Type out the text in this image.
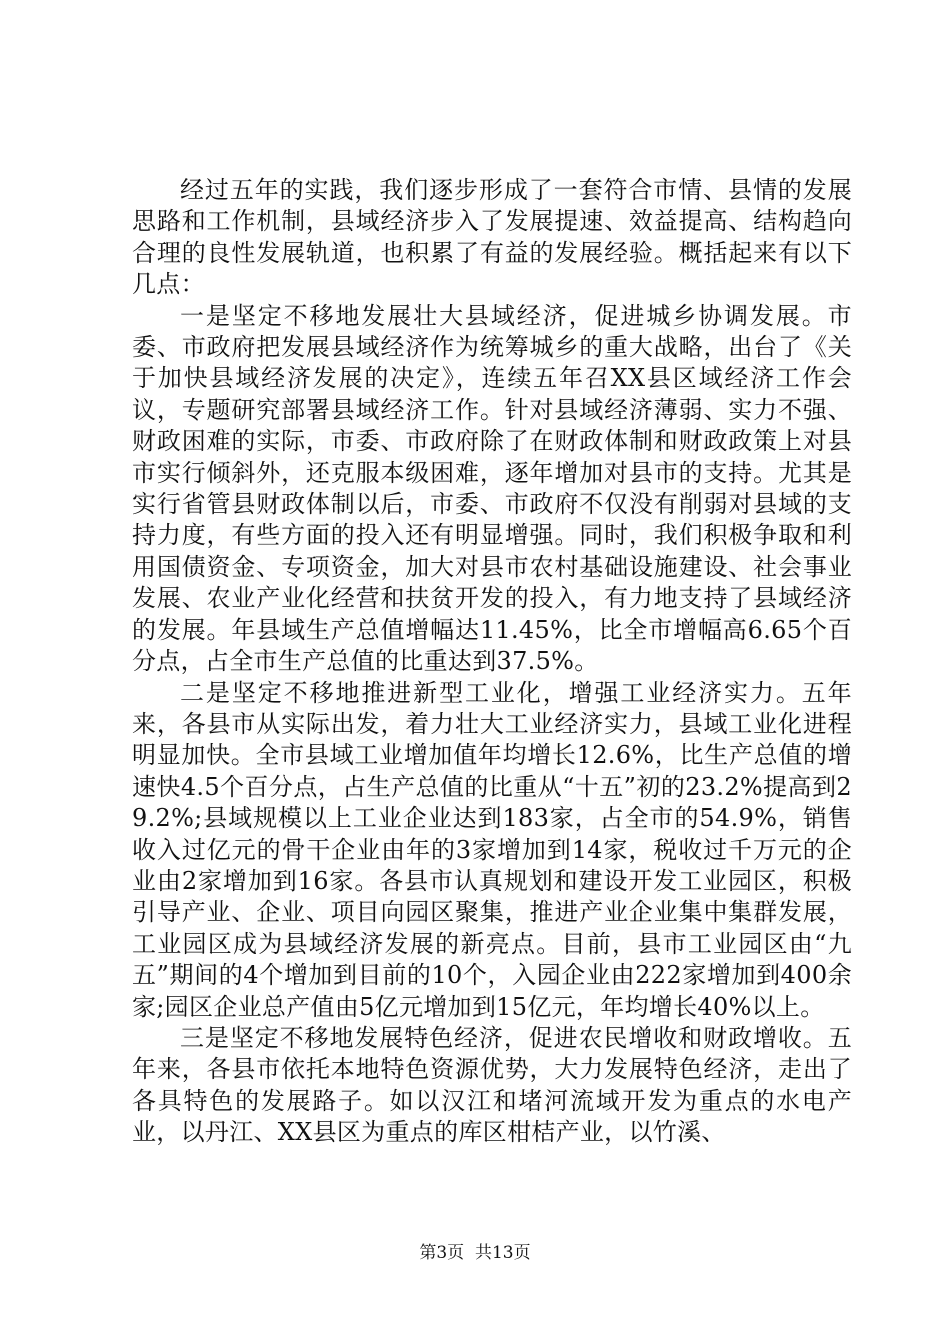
经过五年的实践，我们逐步形成了一套符合市情、县情的发展思路和工作机制，县域经济步入了发展提速、效益提高、结构趋向合理的良性发展轨道，也积累了有益的发展经验。概括起来有以下几点：

一是坚定不移地发展壮大县域经济，促进城乡协调发展。市委、市政府把发展县域经济作为统筹城乡的重大战略，出台了《关于加快县域经济发展的决定》，连续五年召XX县区域经济工作会议，专题研究部署县域经济工作。针对县域经济薄弱、实力不强、财政困难的实际，市委、市政府除了在财政体制和财政政策上对县市实行倾斜外，还克服本级困难，逐年增加对县市的支持。尤其是实行省管县财政体制以后，市委、市政府不仅没有削弱对县域的支持力度，有些方面的投入还有明显增强。同时，我们积极争取和利用国债资金、专项资金，加大对县市农村基础设施建设、社会事业发展、农业产业化经营和扶贫开发的投入，有力地支持了县域经济的发展。年县域生产总值增幅达11.45%，比全市增幅高6.65个百分点，占全市生产总值的比重达到37.5%。

二是坚定不移地推进新型工业化，增强工业经济实力。五年来，各县市从实际出发，着力壮大工业经济实力，县域工业化进程明显加快。全市县域工业增加值年均增长12.6%，比生产总值的增速快4.5个百分点，占生产总值的比重从“十五”初的23.2%提高到29.2%;县域规模以上工业企业达到183家，占全市的54.9%，销售收入过亿元的骨干企业由年的3家增加到14家，税收过千万元的企业由2家增加到16家。各县市认真规划和建设开发工业园区，积极引导产业、企业、项目向园区聚集，推进产业企业集中集群发展，工业园区成为县域经济发展的新亮点。目前，县市工业园区由“九五”期间的4个增加到目前的10个，入园企业由222家增加到400余家;园区企业总产值由5亿元增加到15亿元，年均增长40%以上。

三是坚定不移地发展特色经济，促进农民增收和财政增收。五年来，各县市依托本地特色资源优势，大力发展特色经济，走出了各具特色的发展路子。如以汉江和堵河流域开发为重点的水电产业，以丹江、XX县区为重点的库区柑桔产业，以竹溪、

第3页  共13页
